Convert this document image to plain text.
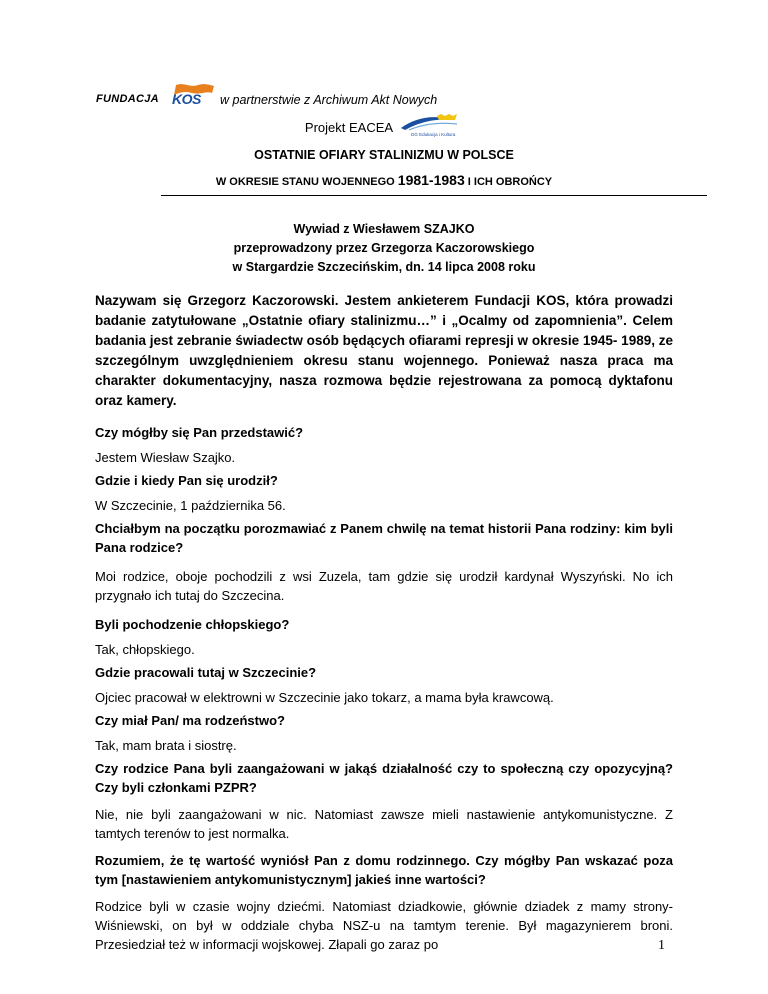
FUNDACJA KOS w partnerstwie z Archiwum Akt Nowych
Projekt EACEA	DG Edukacja i Kultura
OSTATNIE OFIARY STALINIZMU W POLSCE
W OKRESIE STANU WOJENNEGO 1981-1983 I ICH OBROŃCY
Wywiad z Wiesławem SZAJKO
przeprowadzony przez Grzegorza Kaczorowskiego
w Stargardzie Szczecińskim, dn. 14 lipca 2008 roku
Nazywam się Grzegorz Kaczorowski. Jestem ankieterem Fundacji KOS, która prowadzi badanie zatytułowane „Ostatnie ofiary stalinizmu…” i „Ocalmy od zapomnienia”. Celem badania jest zebranie świadectw osób będących ofiarami represji w okresie 1945- 1989, ze szczególnym uwzględnieniem okresu stanu wojennego. Ponieważ nasza praca ma charakter dokumentacyjny, nasza rozmowa będzie rejestrowana za pomocą dyktafonu oraz kamery.
Czy mógłby się Pan przedstawić?
Jestem Wiesław Szajko.
Gdzie i kiedy Pan się urodził?
W Szczecinie, 1 października 56.
Chciałbym na początku porozmawiać z Panem chwilę na temat historii Pana rodziny: kim byli Pana rodzice?
Moi rodzice, oboje pochodzili z wsi Zuzela, tam gdzie się urodził kardynał Wyszyński. No ich przygnało ich tutaj do Szczecina.
Byli pochodzenie chłopskiego?
Tak, chłopskiego.
Gdzie pracowali tutaj w Szczecinie?
Ojciec pracował w elektrowni w Szczecinie jako tokarz, a mama była krawcową.
Czy miał Pan/ ma rodzeństwo?
Tak, mam brata i siostrę.
Czy rodzice Pana byli zaangażowani w jakąś działalność czy to społeczną czy opozycyjną? Czy byli członkami PZPR?
Nie, nie byli zaangażowani w nic. Natomiast zawsze mieli nastawienie antykomunistyczne. Z tamtych terenów to jest normalka.
Rozumiem, że tę wartość wyniósł Pan z domu rodzinnego. Czy mógłby Pan wskazać poza tym [nastawieniem antykomunistycznym] jakieś inne wartości?
Rodzice byli w czasie wojny dziećmi. Natomiast dziadkowie, głównie dziadek z mamy strony- Wiśniewski, on był w oddziale chyba NSZ-u na tamtym terenie. Był magazynierem broni. Przesiedział też w informacji wojskowej. Złapali go zaraz po	1
